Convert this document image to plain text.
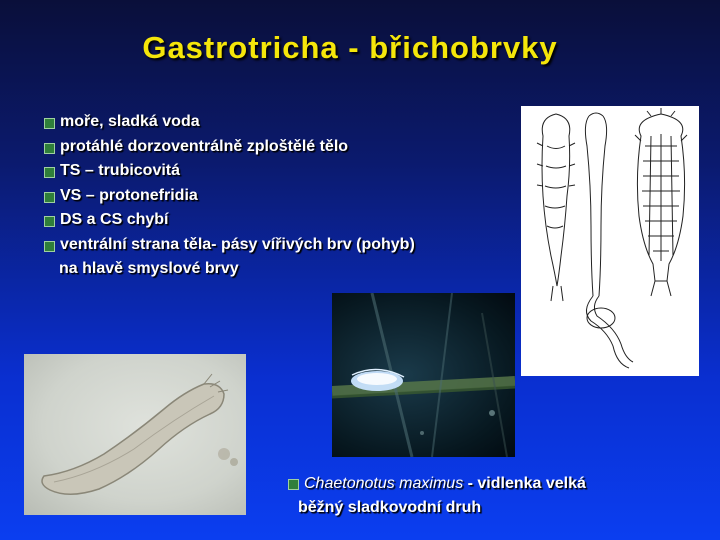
Gastrotricha - břichobrvky
moře, sladká voda
protáhlé dorzoventrálně zploštělé tělo
TS – trubicovitá
VS – protonefridia
DS a CS chybí
ventrální strana těla- pásy vířivých brv (pohyb)
na hlavě smyslové brvy
Chaetonotus maximus - vidlenka velká
běžný sladkovodní druh
